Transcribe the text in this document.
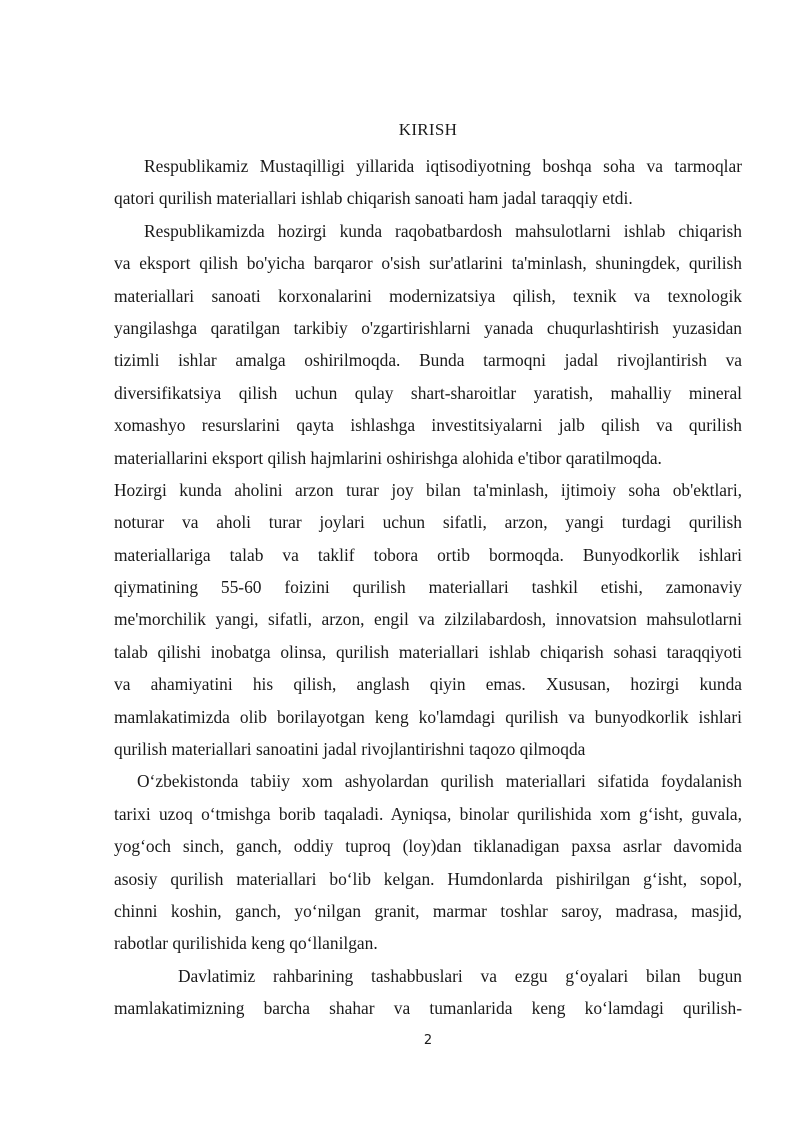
KIRISH
Respublikamiz Mustaqilligi yillarida iqtisodiyotning boshqa soha va tarmoqlar
qatori qurilish materiallari ishlab chiqarish sanoati ham jadal taraqqiy etdi.
Respublikamizda hozirgi kunda raqobatbardosh mahsulotlarni ishlab chiqarish
va eksport qilish bo'yicha barqaror o'sish sur'atlarini ta'minlash, shuningdek, qurilish
materiallari sanoati korxonalarini modernizatsiya qilish, texnik va texnologik
yangilashga qaratilgan tarkibiy o'zgartirishlarni yanada chuqurlashtirish yuzasidan
tizimli ishlar amalga oshirilmoqda. Bunda tarmoqni jadal rivojlantirish va
diversifikatsiya qilish uchun qulay shart-sharoitlar yaratish, mahalliy mineral
xomashyo resurslarini qayta ishlashga investitsiyalarni jalb qilish va qurilish
materiallarini eksport qilish hajmlarini oshirishga alohida e'tibor qaratilmoqda.
Hozirgi kunda aholini arzon turar joy bilan ta'minlash, ijtimoiy soha ob'ektlari,
noturar va aholi turar joylari uchun sifatli, arzon, yangi turdagi qurilish
materiallariga talab va taklif tobora ortib bormoqda. Bunyodkorlik ishlari
qiymatining 55-60 foizini qurilish materiallari tashkil etishi, zamonaviy
me'morchilik yangi, sifatli, arzon, engil va zilzilabardosh, innovatsion mahsulotlarni
talab qilishi inobatga olinsa, qurilish materiallari ishlab chiqarish sohasi taraqqiyoti
va ahamiyatini his qilish, anglash qiyin emas. Xususan, hozirgi kunda
mamlakatimizda olib borilayotgan keng ko'lamdagi qurilish va bunyodkorlik ishlari
qurilish materiallari sanoatini jadal rivojlantirishni taqozo qilmoqda
O‘zbekistonda tabiiy xom ashyolardan qurilish materiallari sifatida foydalanish
tarixi uzoq o‘tmishga borib taqaladi. Ayniqsa, binolar qurilishida xom g‘isht, guvala,
yog‘och sinch, ganch, oddiy tuproq (loy)dan tiklanadigan paxsa asrlar davomida
asosiy qurilish materiallari bo‘lib kelgan. Humdonlarda pishirilgan g‘isht, sopol,
chinni koshin, ganch, yo‘nilgan granit, marmar toshlar saroy, madrasa, masjid,
rabotlar qurilishida keng qo‘llanilgan.
Davlatimiz rahbarining tashabbuslari va ezgu g‘oyalari bilan bugun
mamlakatimizning barcha shahar va tumanlarida keng ko‘lamdagi qurilish-
2
